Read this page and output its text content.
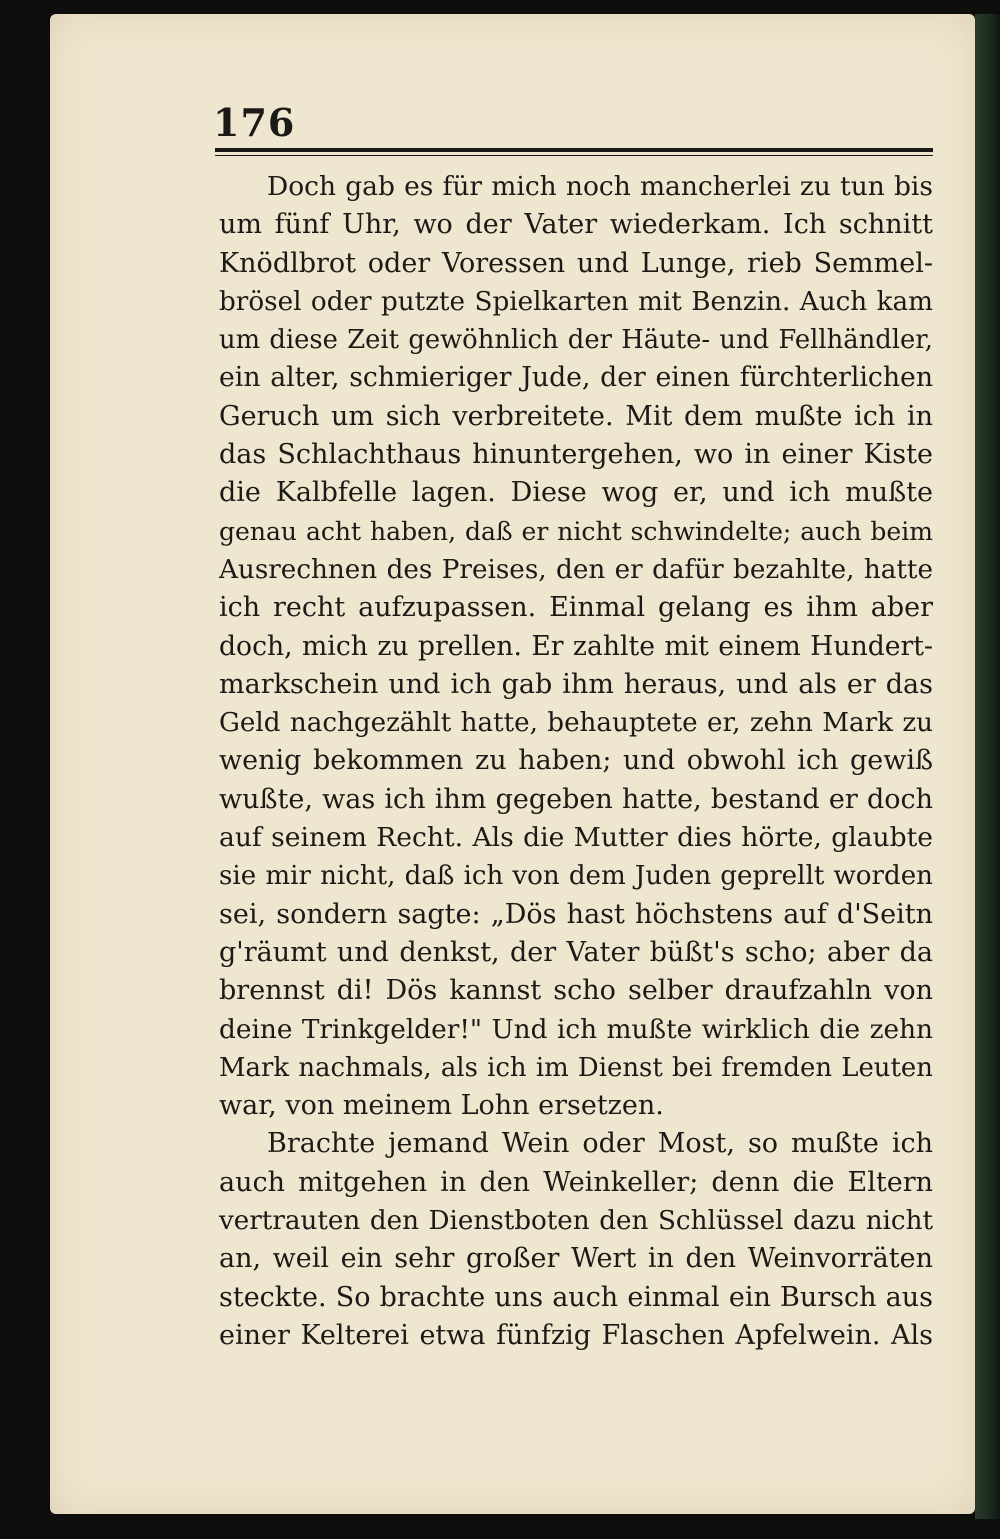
176

Doch gab es für mich noch mancherlei zu tun bis
um fünf Uhr, wo der Vater wiederkam. Ich schnitt
Knödlbrot oder Voressen und Lunge, rieb Semmel-
brösel oder putzte Spielkarten mit Benzin. Auch kam
um diese Zeit gewöhnlich der Häute- und Fellhändler,
ein alter, schmieriger Jude, der einen fürchterlichen
Geruch um sich verbreitete. Mit dem mußte ich in
das Schlachthaus hinuntergehen, wo in einer Kiste
die Kalbfelle lagen. Diese wog er, und ich mußte
genau acht haben, daß er nicht schwindelte; auch beim
Ausrechnen des Preises, den er dafür bezahlte, hatte
ich recht aufzupassen. Einmal gelang es ihm aber
doch, mich zu prellen. Er zahlte mit einem Hundert-
markschein und ich gab ihm heraus, und als er das
Geld nachgezählt hatte, behauptete er, zehn Mark zu
wenig bekommen zu haben; und obwohl ich gewiß
wußte, was ich ihm gegeben hatte, bestand er doch
auf seinem Recht. Als die Mutter dies hörte, glaubte
sie mir nicht, daß ich von dem Juden geprellt worden
sei, sondern sagte: „Dös hast höchstens auf d'Seitn
g'räumt und denkst, der Vater büßt's scho; aber da
brennst di! Dös kannst scho selber draufzahln von
deine Trinkgelder!" Und ich mußte wirklich die zehn
Mark nachmals, als ich im Dienst bei fremden Leuten
war, von meinem Lohn ersetzen.

Brachte jemand Wein oder Most, so mußte ich
auch mitgehen in den Weinkeller; denn die Eltern
vertrauten den Dienstboten den Schlüssel dazu nicht
an, weil ein sehr großer Wert in den Weinvorräten
steckte. So brachte uns auch einmal ein Bursch aus
einer Kelterei etwa fünfzig Flaschen Apfelwein. Als
